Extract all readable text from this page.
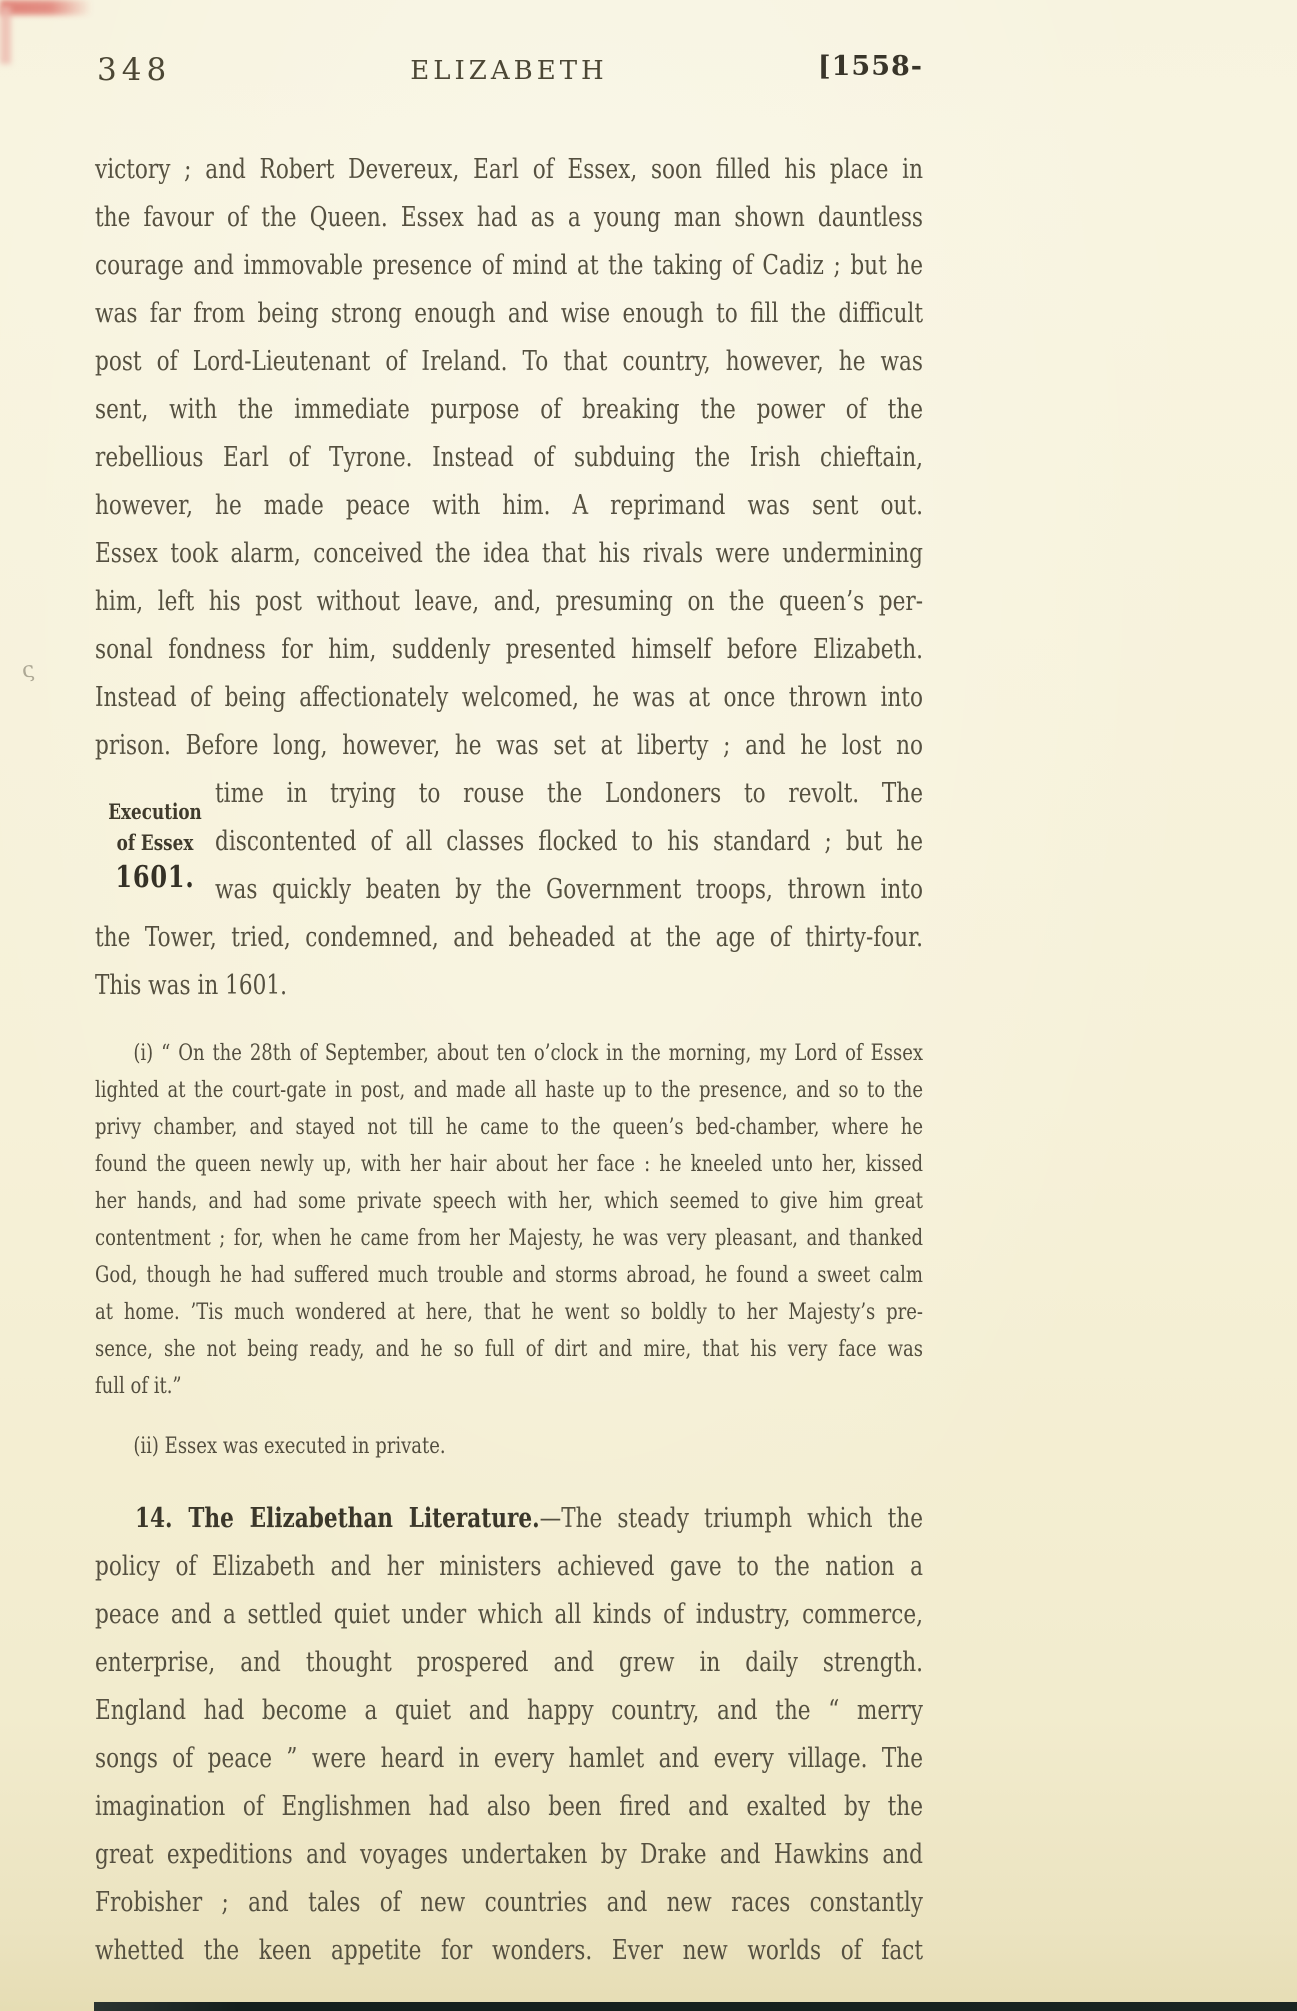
ς
348	ELIZABETH	[1558-
victory ; and Robert Devereux, Earl of Essex, soon filled his place in
the favour of the Queen. Essex had as a young man shown dauntless
courage and immovable presence of mind at the taking of Cadiz ; but he
was far from being strong enough and wise enough to fill the difficult
post of Lord-Lieutenant of Ireland. To that country, however, he was
sent, with the immediate purpose of breaking the power of the
rebellious Earl of Tyrone. Instead of subduing the Irish chieftain,
however, he made peace with him. A reprimand was sent out.
Essex took alarm, conceived the idea that his rivals were undermining
him, left his post without leave, and, presuming on the queen’s per-
sonal fondness for him, suddenly presented himself before Elizabeth.
Instead of being affectionately welcomed, he was at once thrown into
prison. Before long, however, he was set at liberty ; and he lost no
Execution
of Essex
1601.
time in trying to rouse the Londoners to revolt. The
discontented of all classes flocked to his standard ; but he
was quickly beaten by the Government troops, thrown into
the Tower, tried, condemned, and beheaded at the age of thirty-four.
This was in 1601.
(i) “ On the 28th of September, about ten o’clock in the morning, my Lord of Essex
lighted at the court-gate in post, and made all haste up to the presence, and so to the
privy chamber, and stayed not till he came to the queen’s bed-chamber, where he
found the queen newly up, with her hair about her face : he kneeled unto her, kissed
her hands, and had some private speech with her, which seemed to give him great
contentment ; for, when he came from her Majesty, he was very pleasant, and thanked
God, though he had suffered much trouble and storms abroad, he found a sweet calm
at home. ’Tis much wondered at here, that he went so boldly to her Majesty’s pre-
sence, she not being ready, and he so full of dirt and mire, that his very face was
full of it.”
(ii) Essex was executed in private.
14. The Elizabethan Literature.—The steady triumph which the
policy of Elizabeth and her ministers achieved gave to the nation a
peace and a settled quiet under which all kinds of industry, commerce,
enterprise, and thought prospered and grew in daily strength.
England had become a quiet and happy country, and the “ merry
songs of peace ” were heard in every hamlet and every village. The
imagination of Englishmen had also been fired and exalted by the
great expeditions and voyages undertaken by Drake and Hawkins and
Frobisher ; and tales of new countries and new races constantly
whetted the keen appetite for wonders. Ever new worlds of fact
